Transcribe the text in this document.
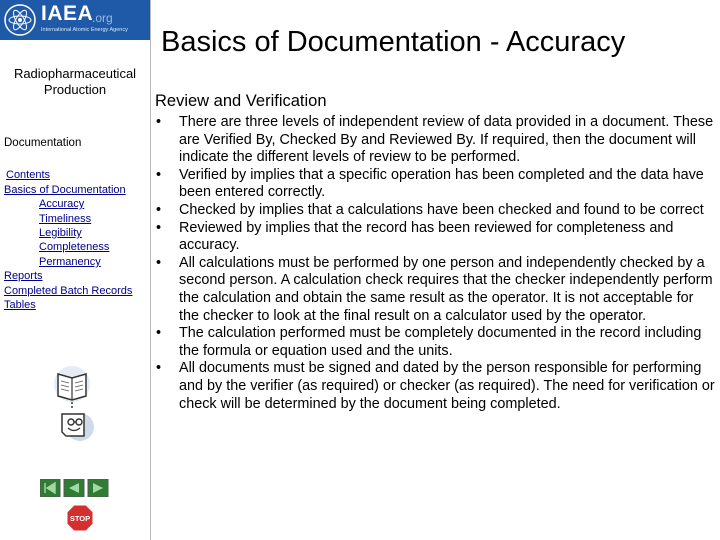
IAEA
.org
International Atomic Energy Agency
Radiopharmaceutical
Production
Documentation
Contents
Basics of Documentation
Accuracy
Timeliness
Legibility
Completeness
Permanency
Reports
Completed Batch Records
Tables
STOP
Basics of Documentation - Accuracy
Review and Verification
• There are three levels of independent review of data provided in a document. These are Verified By, Checked By and Reviewed By. If required, then the document will indicate the different levels of review to be performed.
• Verified by implies that a specific operation has been completed and the data have been entered correctly.
• Checked by implies that a calculations have been checked and found to be correct
• Reviewed by implies that the record has been reviewed for completeness and accuracy.
• All calculations must be performed by one person and independently checked by a second person. A calculation check requires that the checker independently perform the calculation and obtain the same result as the operator. It is not acceptable for the checker to look at the final result on a calculator used by the operator.
• The calculation performed must be completely documented in the record including the formula or equation used and the units.
• All documents must be signed and dated by the person responsible for performing and by the verifier (as required) or checker (as required). The need for verification or check will be determined by the document being completed.
